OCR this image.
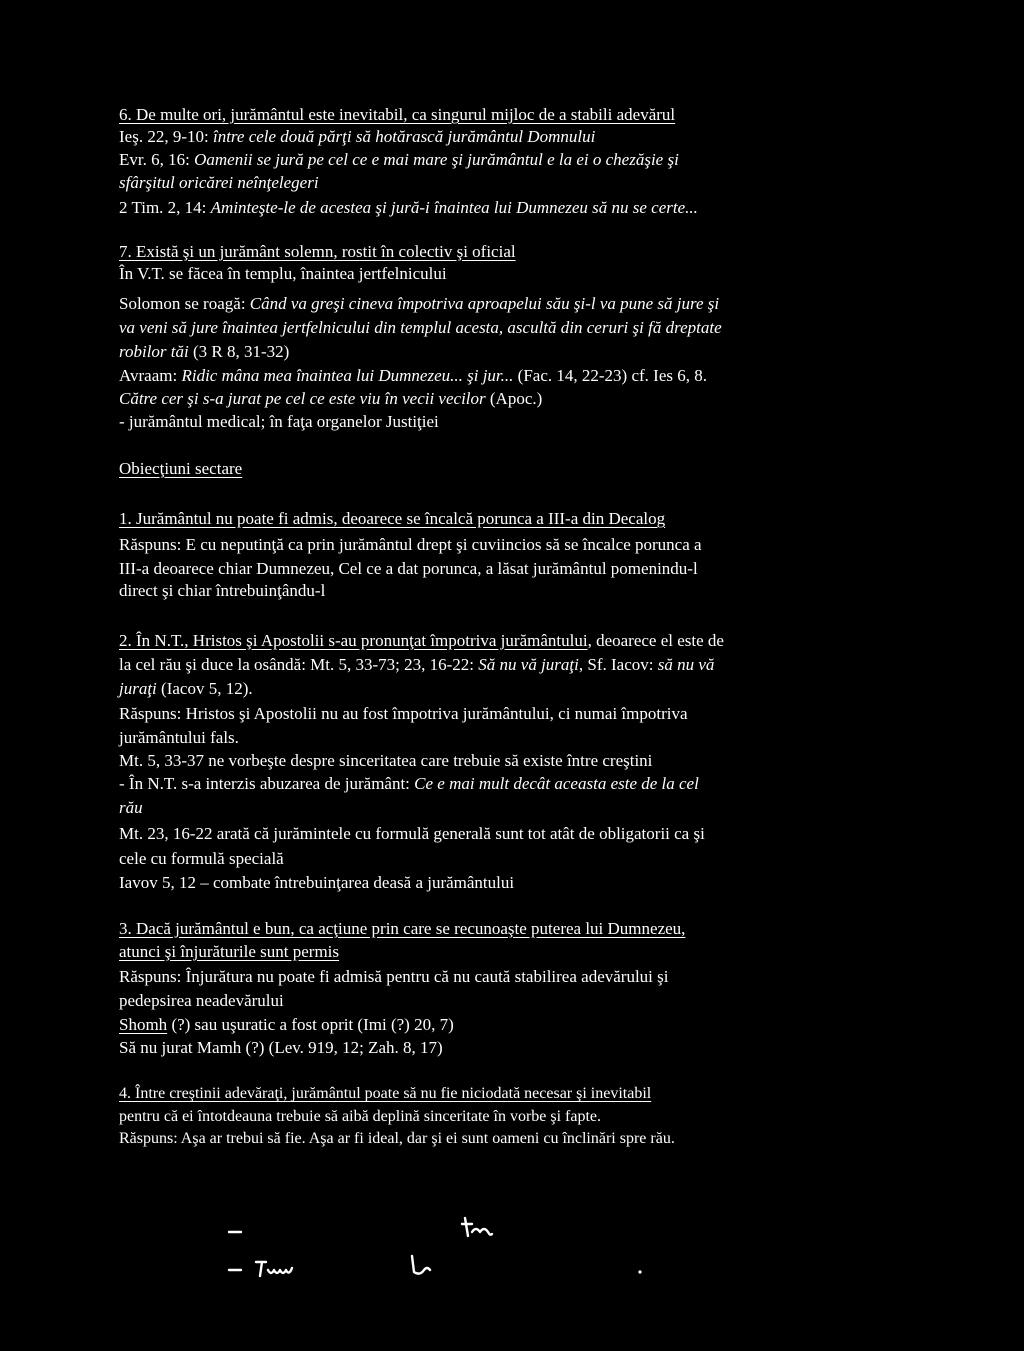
6. De multe ori, jurământul este inevitabil, ca singurul mijloc de a stabili adevărul
Ieş. 22, 9-10: între cele două părţi să hotărască jurământul Domnului
Evr. 6, 16: Oamenii se jură pe cel ce e mai mare şi jurământul e la ei o chezăşie şi
sfârşitul oricărei neînţelegeri
2 Tim. 2, 14: Aminteşte-le de acestea şi jură-i înaintea lui Dumnezeu să nu se certe...
7. Există şi un jurământ solemn, rostit în colectiv şi oficial
În V.T. se făcea în templu, înaintea jertfelnicului
Solomon se roagă: Când va greşi cineva împotriva aproapelui său şi-l va pune să jure şi
va veni să jure înaintea jertfelnicului din templul acesta, ascultă din ceruri şi fă dreptate
robilor tăi (3 R 8, 31-32)
Avraam: Ridic mâna mea înaintea lui Dumnezeu... şi jur... (Fac. 14, 22-23) cf. Ies 6, 8.
Către cer şi s-a jurat pe cel ce este viu în vecii vecilor (Apoc.)
- jurământul medical; în faţa organelor Justiţiei
Obiecţiuni sectare
1. Jurământul nu poate fi admis, deoarece se încalcă porunca a III-a din Decalog
Răspuns: E cu neputinţă ca prin jurământul drept şi cuviincios să se încalce porunca a
III-a deoarece chiar Dumnezeu, Cel ce a dat porunca, a lăsat jurământul pomenindu-l
direct şi chiar întrebuinţându-l
2. În N.T., Hristos şi Apostolii s-au pronunţat împotriva jurământului, deoarece el este de
la cel rău şi duce la osândă: Mt. 5, 33-73; 23, 16-22: Să nu vă juraţi, Sf. Iacov: să nu vă
juraţi (Iacov 5, 12).
Răspuns: Hristos şi Apostolii nu au fost împotriva jurământului, ci numai împotriva
jurământului fals.
Mt. 5, 33-37 ne vorbeşte despre sinceritatea care trebuie să existe între creştini
- În N.T. s-a interzis abuzarea de jurământ: Ce e mai mult decât aceasta este de la cel
rău
Mt. 23, 16-22 arată că jurămintele cu formulă generală sunt tot atât de obligatorii ca şi
cele cu formulă specială
Iavov 5, 12 – combate întrebuinţarea deasă a jurământului
3. Dacă jurământul e bun, ca acţiune prin care se recunoaşte puterea lui Dumnezeu,
atunci şi înjurăturile sunt permis
Răspuns: Înjurătura nu poate fi admisă pentru că nu caută stabilirea adevărului şi
pedepsirea neadevărului
Shomh (?) sau uşuratic a fost oprit (Imi (?) 20, 7)
Să nu jurat Mamh (?) (Lev. 919, 12; Zah. 8, 17)
4. Între creştinii adevăraţi, jurământul poate să nu fie niciodată necesar şi inevitabil
pentru că ei întotdeauna trebuie să aibă deplină sinceritate în vorbe şi fapte.
Răspuns: Aşa ar trebui să fie. Aşa ar fi ideal, dar şi ei sunt oameni cu înclinări spre rău.
